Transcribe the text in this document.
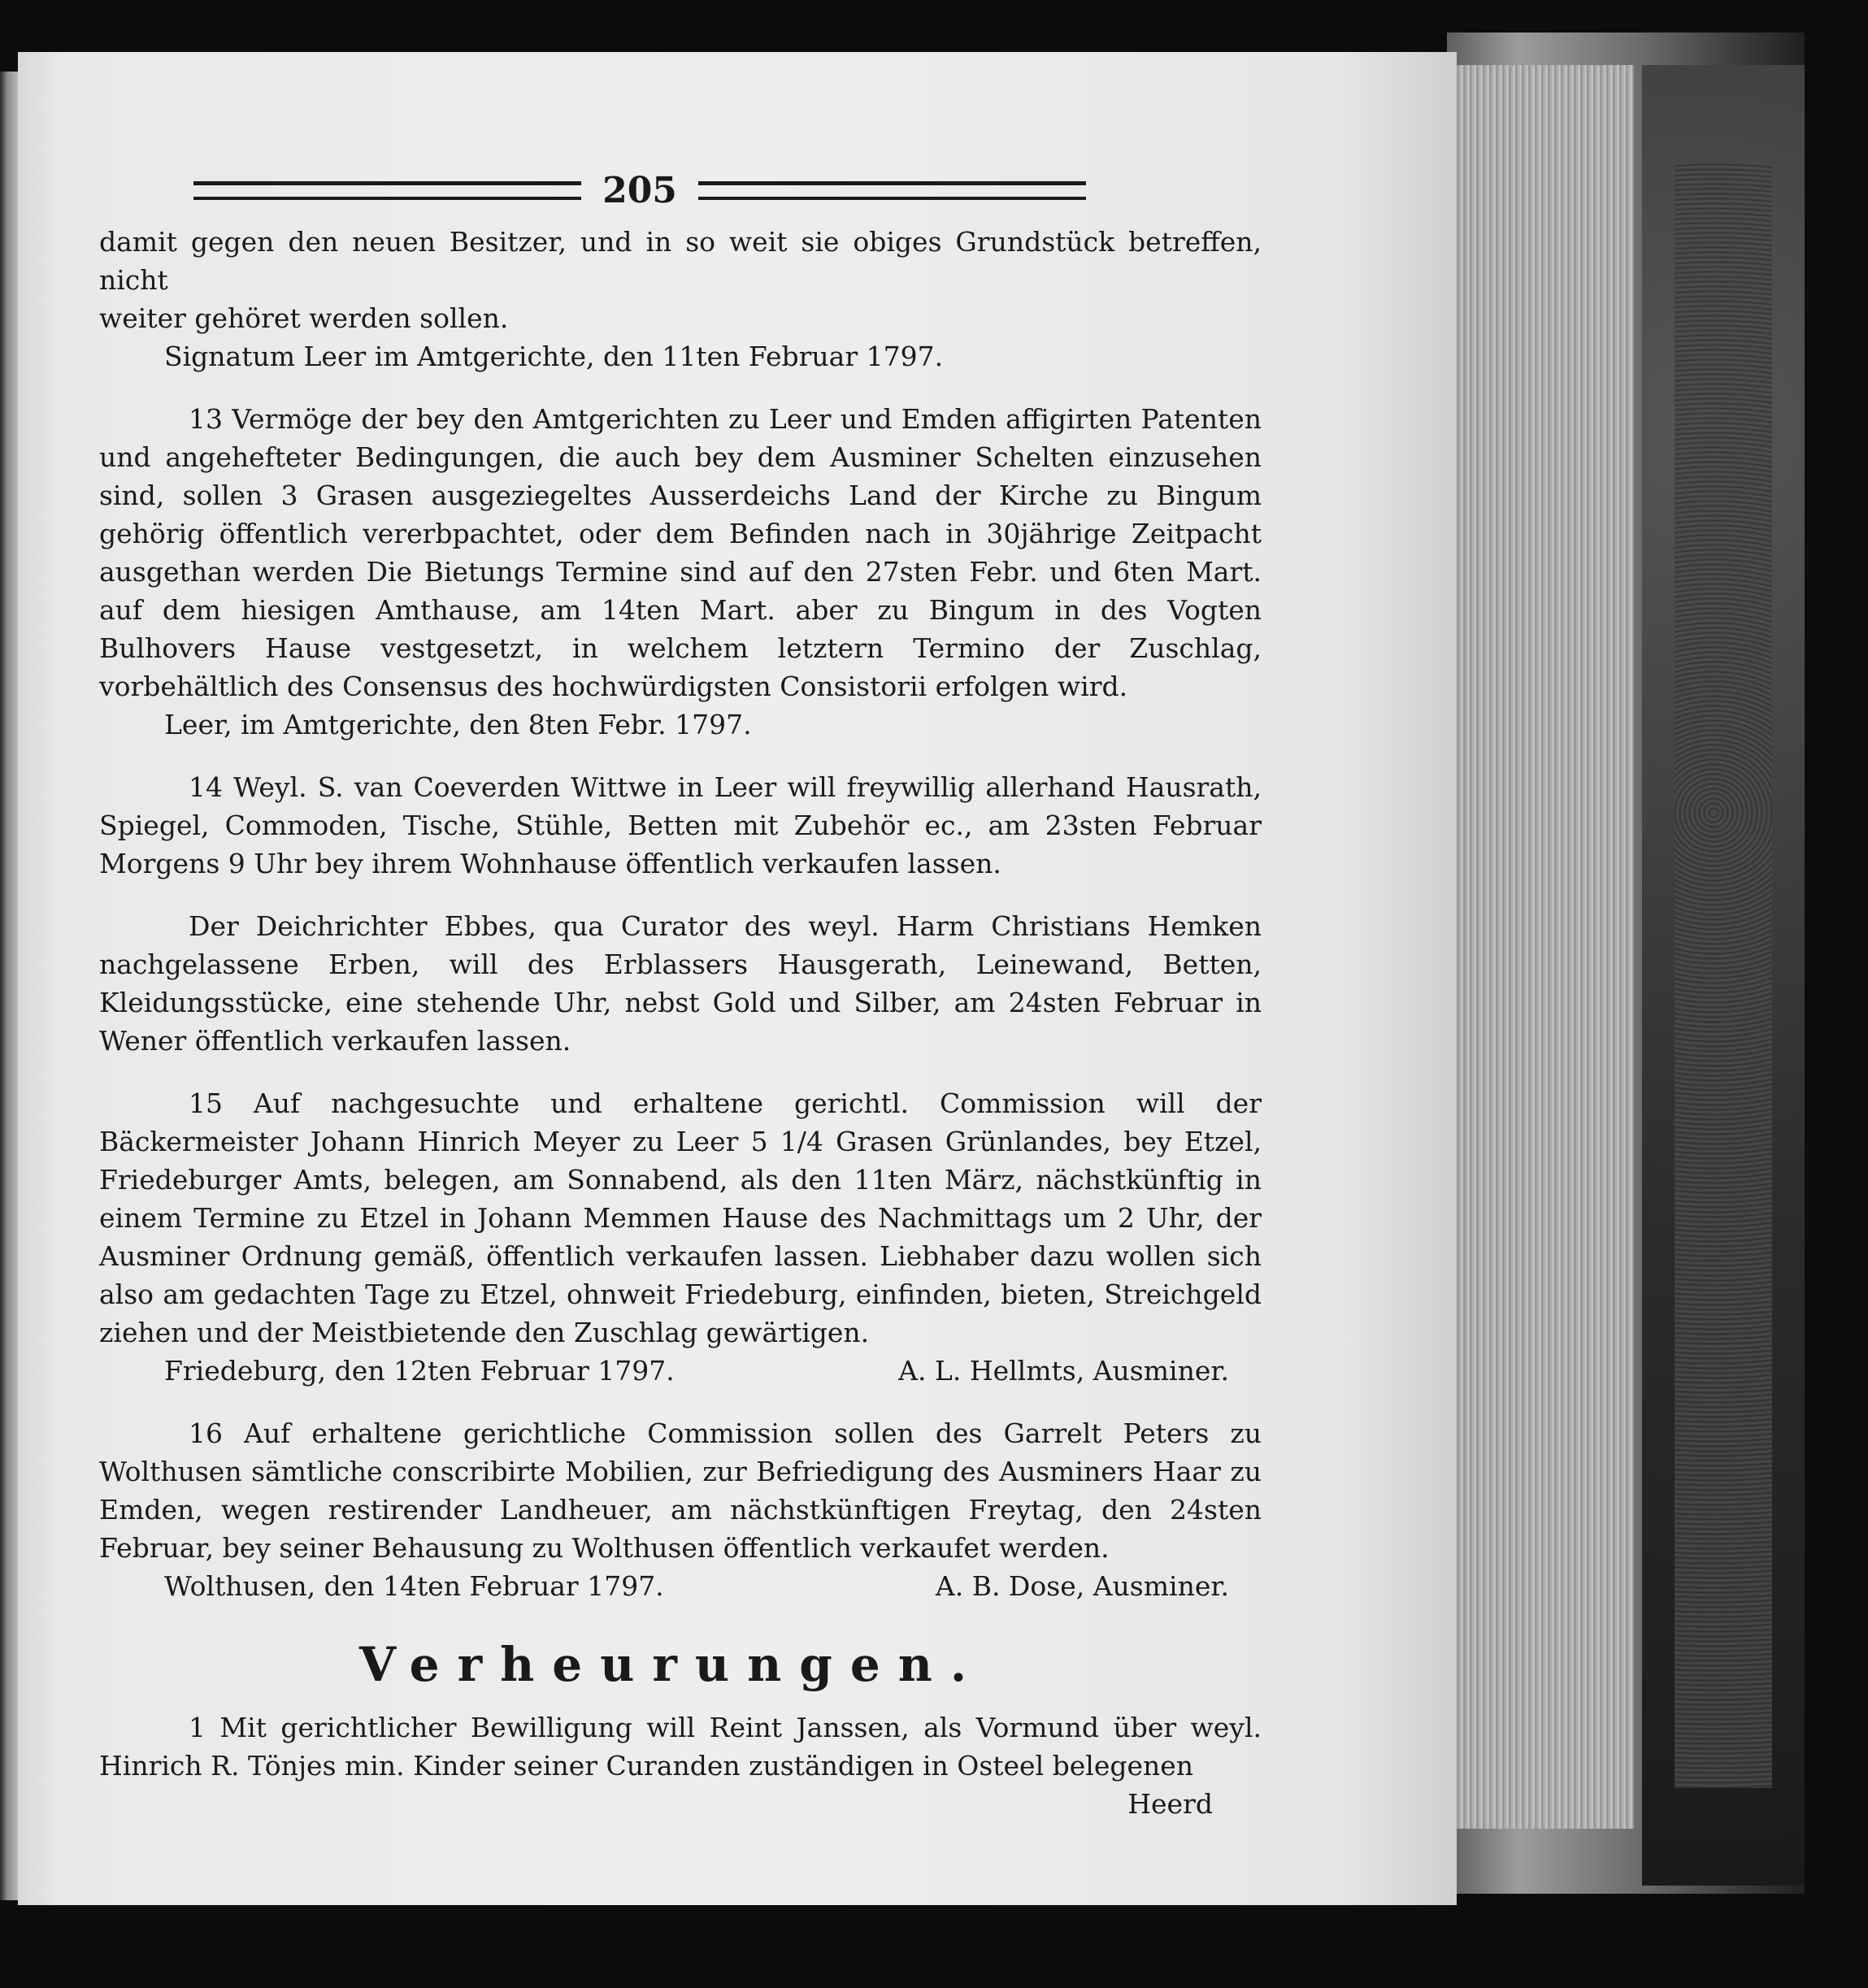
205

damit gegen den neuen Besitzer, und in so weit sie obiges Grundstück betreffen, nicht

weiter gehöret werden sollen.

Signatum Leer im Amtgerichte, den 11ten Februar 1797.

13 Vermöge der bey den Amtgerichten zu Leer und Emden affigirten Patenten und angehefteter Bedingungen, die auch bey dem Ausminer Schelten einzusehen sind, sollen 3 Grasen ausgeziegeltes Ausserdeichs Land der Kirche zu Bingum gehörig öffentlich vererbpachtet, oder dem Befinden nach in 30jährige Zeitpacht ausgethan werden Die Bietungs Termine sind auf den 27sten Febr. und 6ten Mart. auf dem hiesigen Amthause, am 14ten Mart. aber zu Bingum in des Vogten Bulhovers Hause vestgesetzt, in welchem letztern Termino der Zuschlag, vorbehältlich des Consensus des hochwürdigsten Consistorii erfolgen wird.

Leer, im Amtgerichte, den 8ten Febr. 1797.

14 Weyl. S. van Coeverden Wittwe in Leer will freywillig allerhand Hausrath, Spiegel, Commoden, Tische, Stühle, Betten mit Zubehör ec., am 23sten Februar Morgens 9 Uhr bey ihrem Wohnhause öffentlich verkaufen lassen.

Der Deichrichter Ebbes, qua Curator des weyl. Harm Christians Hemken nachgelassene Erben, will des Erblassers Hausgerath, Leinewand, Betten, Kleidungsstücke, eine stehende Uhr, nebst Gold und Silber, am 24sten Februar in Wener öffentlich verkaufen lassen.

15 Auf nachgesuchte und erhaltene gerichtl. Commission will der Bäckermeister Johann Hinrich Meyer zu Leer 5 1/4 Grasen Grünlandes, bey Etzel, Friedeburger Amts, belegen, am Sonnabend, als den 11ten März, nächstkünftig in einem Termine zu Etzel in Johann Memmen Hause des Nachmittags um 2 Uhr, der Ausminer Ordnung gemäß, öffentlich verkaufen lassen. Liebhaber dazu wollen sich also am gedachten Tage zu Etzel, ohnweit Friedeburg, einfinden, bieten, Streichgeld ziehen und der Meistbietende den Zuschlag gewärtigen.

Friedeburg, den 12ten Februar 1797.	A. L. Hellmts, Ausminer.

16 Auf erhaltene gerichtliche Commission sollen des Garrelt Peters zu Wolthusen sämtliche conscribirte Mobilien, zur Befriedigung des Ausminers Haar zu Emden, wegen restirender Landheuer, am nächstkünftigen Freytag, den 24sten Februar, bey seiner Behausung zu Wolthusen öffentlich verkaufet werden.

Wolthusen, den 14ten Februar 1797.	A. B. Dose, Ausminer.
Verheurungen.

1 Mit gerichtlicher Bewilligung will Reint Janssen, als Vormund über weyl. Hinrich R. Tönjes min. Kinder seiner Curanden zuständigen in Osteel belegenen

Heerd
